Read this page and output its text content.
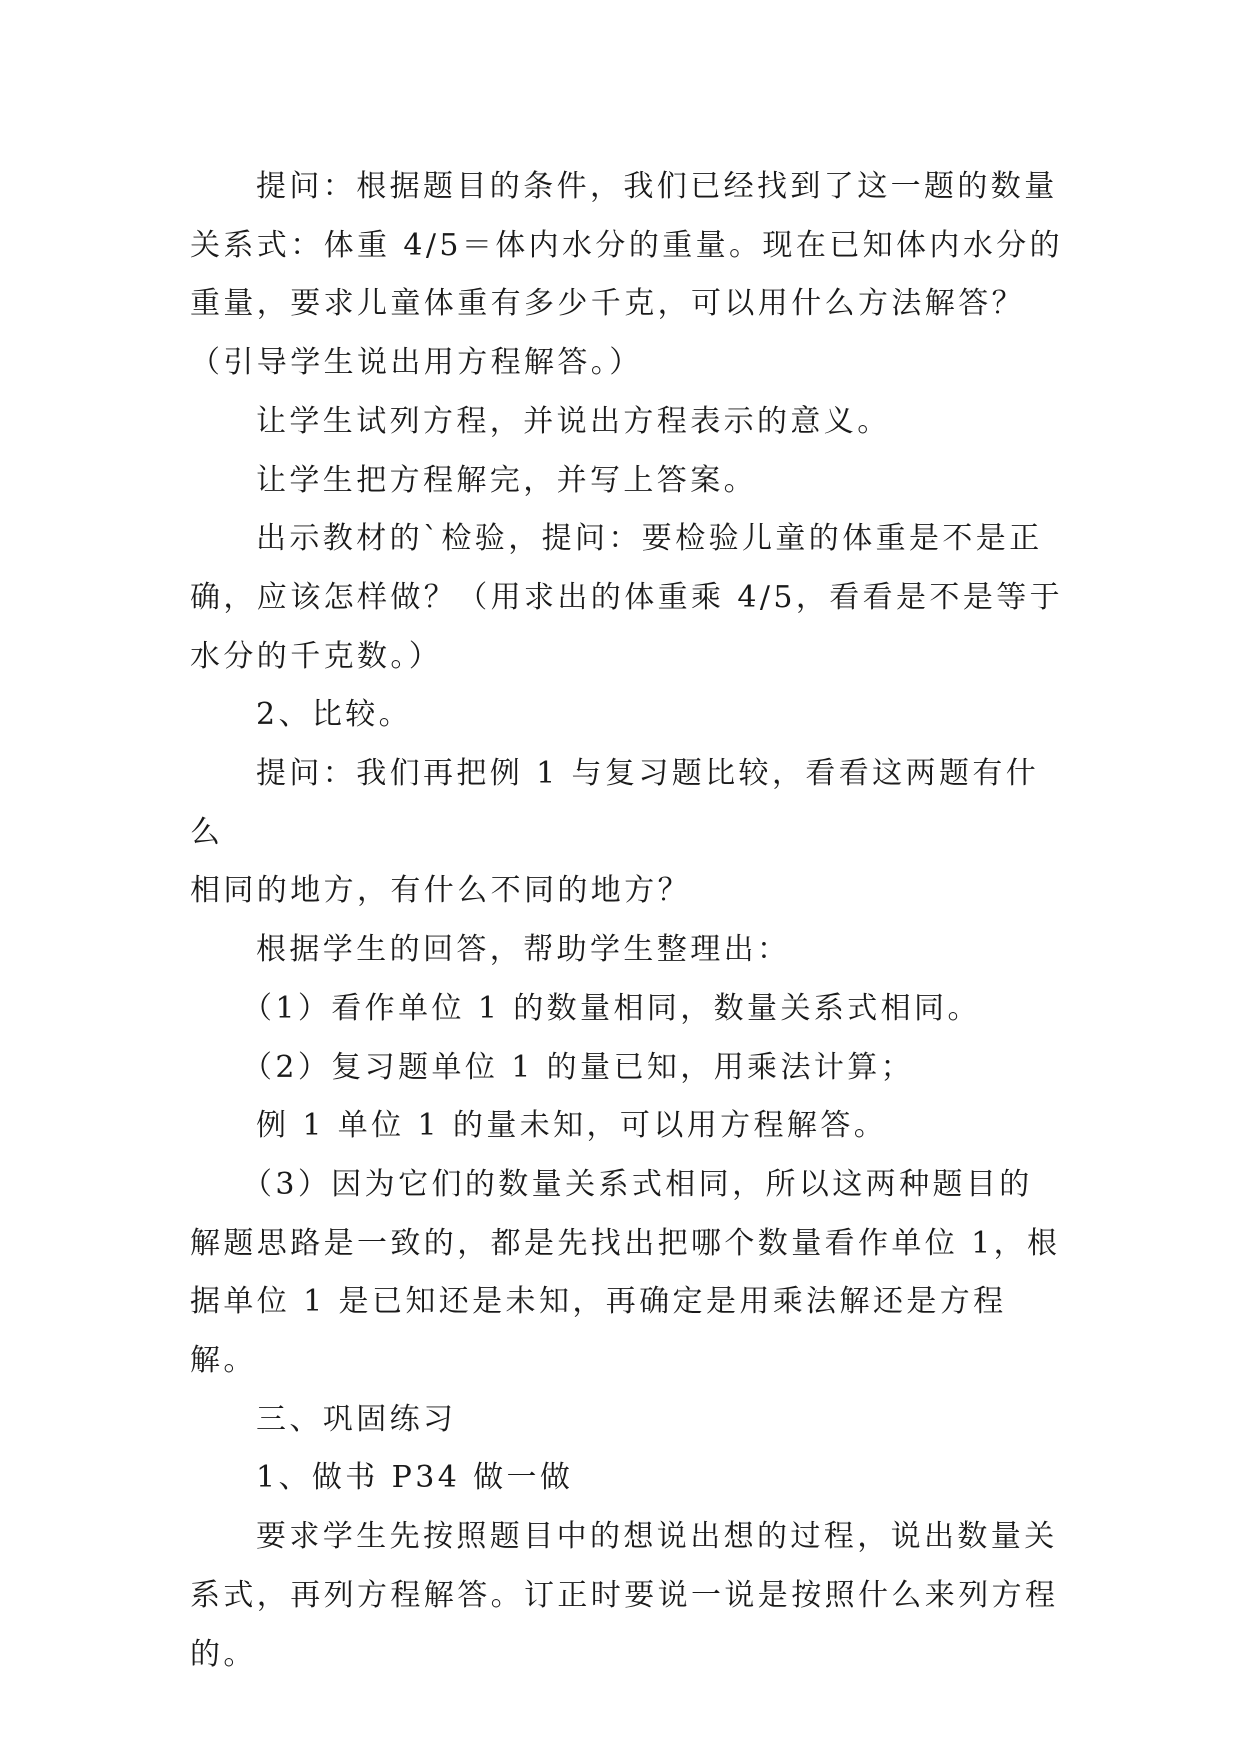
提问：根据题目的条件，我们已经找到了这一题的数量
关系式：体重 4/5＝体内水分的重量。现在已知体内水分的
重量，要求儿童体重有多少千克，可以用什么方法解答？
（引导学生说出用方程解答。）

让学生试列方程，并说出方程表示的意义。

让学生把方程解完，并写上答案。

出示教材的`检验，提问：要检验儿童的体重是不是正
确，应该怎样做？（用求出的体重乘 4/5，看看是不是等于
水分的千克数。）

2、比较。

提问：我们再把例 1 与复习题比较，看看这两题有什么
相同的地方，有什么不同的地方？

根据学生的回答，帮助学生整理出：

（1）看作单位 1 的数量相同，数量关系式相同。

（2）复习题单位 1 的量已知，用乘法计算；

例 1 单位 1 的量未知，可以用方程解答。

（3）因为它们的数量关系式相同，所以这两种题目的
解题思路是一致的，都是先找出把哪个数量看作单位 1，根
据单位 1 是已知还是未知，再确定是用乘法解还是方程解。

三、巩固练习

1、做书 P34 做一做

要求学生先按照题目中的想说出想的过程，说出数量关
系式，再列方程解答。订正时要说一说是按照什么来列方程
的。
